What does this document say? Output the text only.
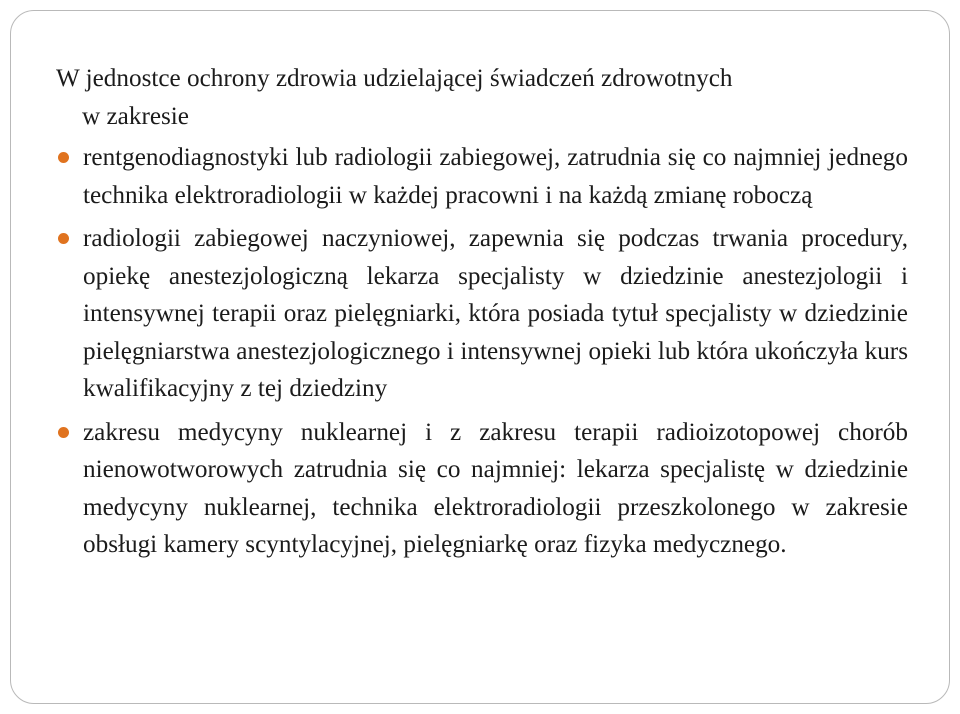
W jednostce ochrony zdrowia udzielającej świadczeń zdrowotnych
w zakresie
rentgenodiagnostyki lub radiologii zabiegowej, zatrudnia się co najmniej jednego technika elektroradiologii w każdej pracowni i na każdą zmianę roboczą
radiologii zabiegowej naczyniowej, zapewnia się podczas trwania procedury, opiekę anestezjologiczną lekarza specjalisty w dziedzinie anestezjologii i intensywnej terapii oraz pielęgniarki, która posiada tytuł specjalisty w dziedzinie pielęgniarstwa anestezjologicznego i intensywnej opieki lub która ukończyła kurs kwalifikacyjny z tej dziedziny
zakresu medycyny nuklearnej i z zakresu terapii radioizotopowej chorób nienowotworowych zatrudnia się co najmniej: lekarza specjalistę w dziedzinie medycyny nuklearnej, technika elektroradiologii przeszkolonego w zakresie obsługi kamery scyntylacyjnej, pielęgniarkę oraz fizyka medycznego.
